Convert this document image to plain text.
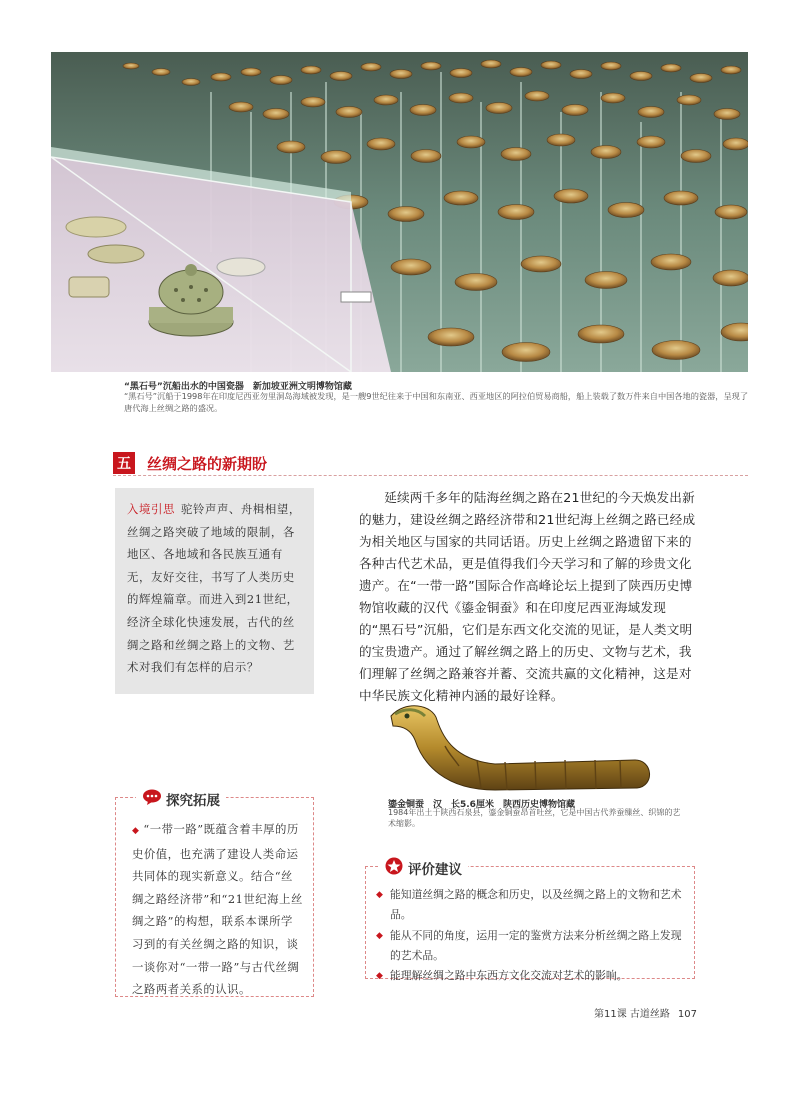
“黑石号”沉船出水的中国瓷器　新加坡亚洲文明博物馆藏
“黑石号”沉船于1998年在印度尼西亚勿里洞岛海域被发现，是一艘9世纪往来于中国和东南亚、西亚地区的阿拉伯贸易商船，船上装载了数万件来自中国各地的瓷器，呈现了唐代海上丝绸之路的盛况。
五 丝绸之路的新期盼
入境引思 驼铃声声、舟楫相望，丝绸之路突破了地域的限制，各地区、各地域和各民族互通有无，友好交往，书写了人类历史的辉煌篇章。而进入到21世纪，经济全球化快速发展，古代的丝绸之路和丝绸之路上的文物、艺术对我们有怎样的启示？

延续两千多年的陆海丝绸之路在21世纪的今天焕发出新的魅力，建设丝绸之路经济带和21世纪海上丝绸之路已经成为相关地区与国家的共同话语。历史上丝绸之路遗留下来的各种古代艺术品，更是值得我们今天学习和了解的珍贵文化遗产。在“一带一路”国际合作高峰论坛上提到了陕西历史博物馆收藏的汉代《鎏金铜蚕》和在印度尼西亚海域发现的“黑石号”沉船，它们是东西文化交流的见证，是人类文明的宝贵遗产。通过了解丝绸之路上的历史、文物与艺术，我们理解了丝绸之路兼容并蓄、交流共赢的文化精神，这是对中华民族文化精神内涵的最好诠释。

鎏金铜蚕　汉　长5.6厘米　陕西历史博物馆藏
1984年出土于陕西石泉县，鎏金铜蚕昂首吐丝，它是中国古代养蚕缫丝、织锦的艺术缩影。
探究拓展
◆ “一带一路”既蕴含着丰厚的历史价值，也充满了建设人类命运共同体的现实新意义。结合“丝绸之路经济带”和“21世纪海上丝绸之路”的构想，联系本课所学习到的有关丝绸之路的知识，谈一谈你对“一带一路”与古代丝绸之路两者关系的认识。
评价建议
◆ 能知道丝绸之路的概念和历史，以及丝绸之路上的文物和艺术品。
◆ 能从不同的角度，运用一定的鉴赏方法来分析丝绸之路上发现的艺术品。
◆ 能理解丝绸之路中东西方文化交流对艺术的影响。
第11课 古道丝路 107
